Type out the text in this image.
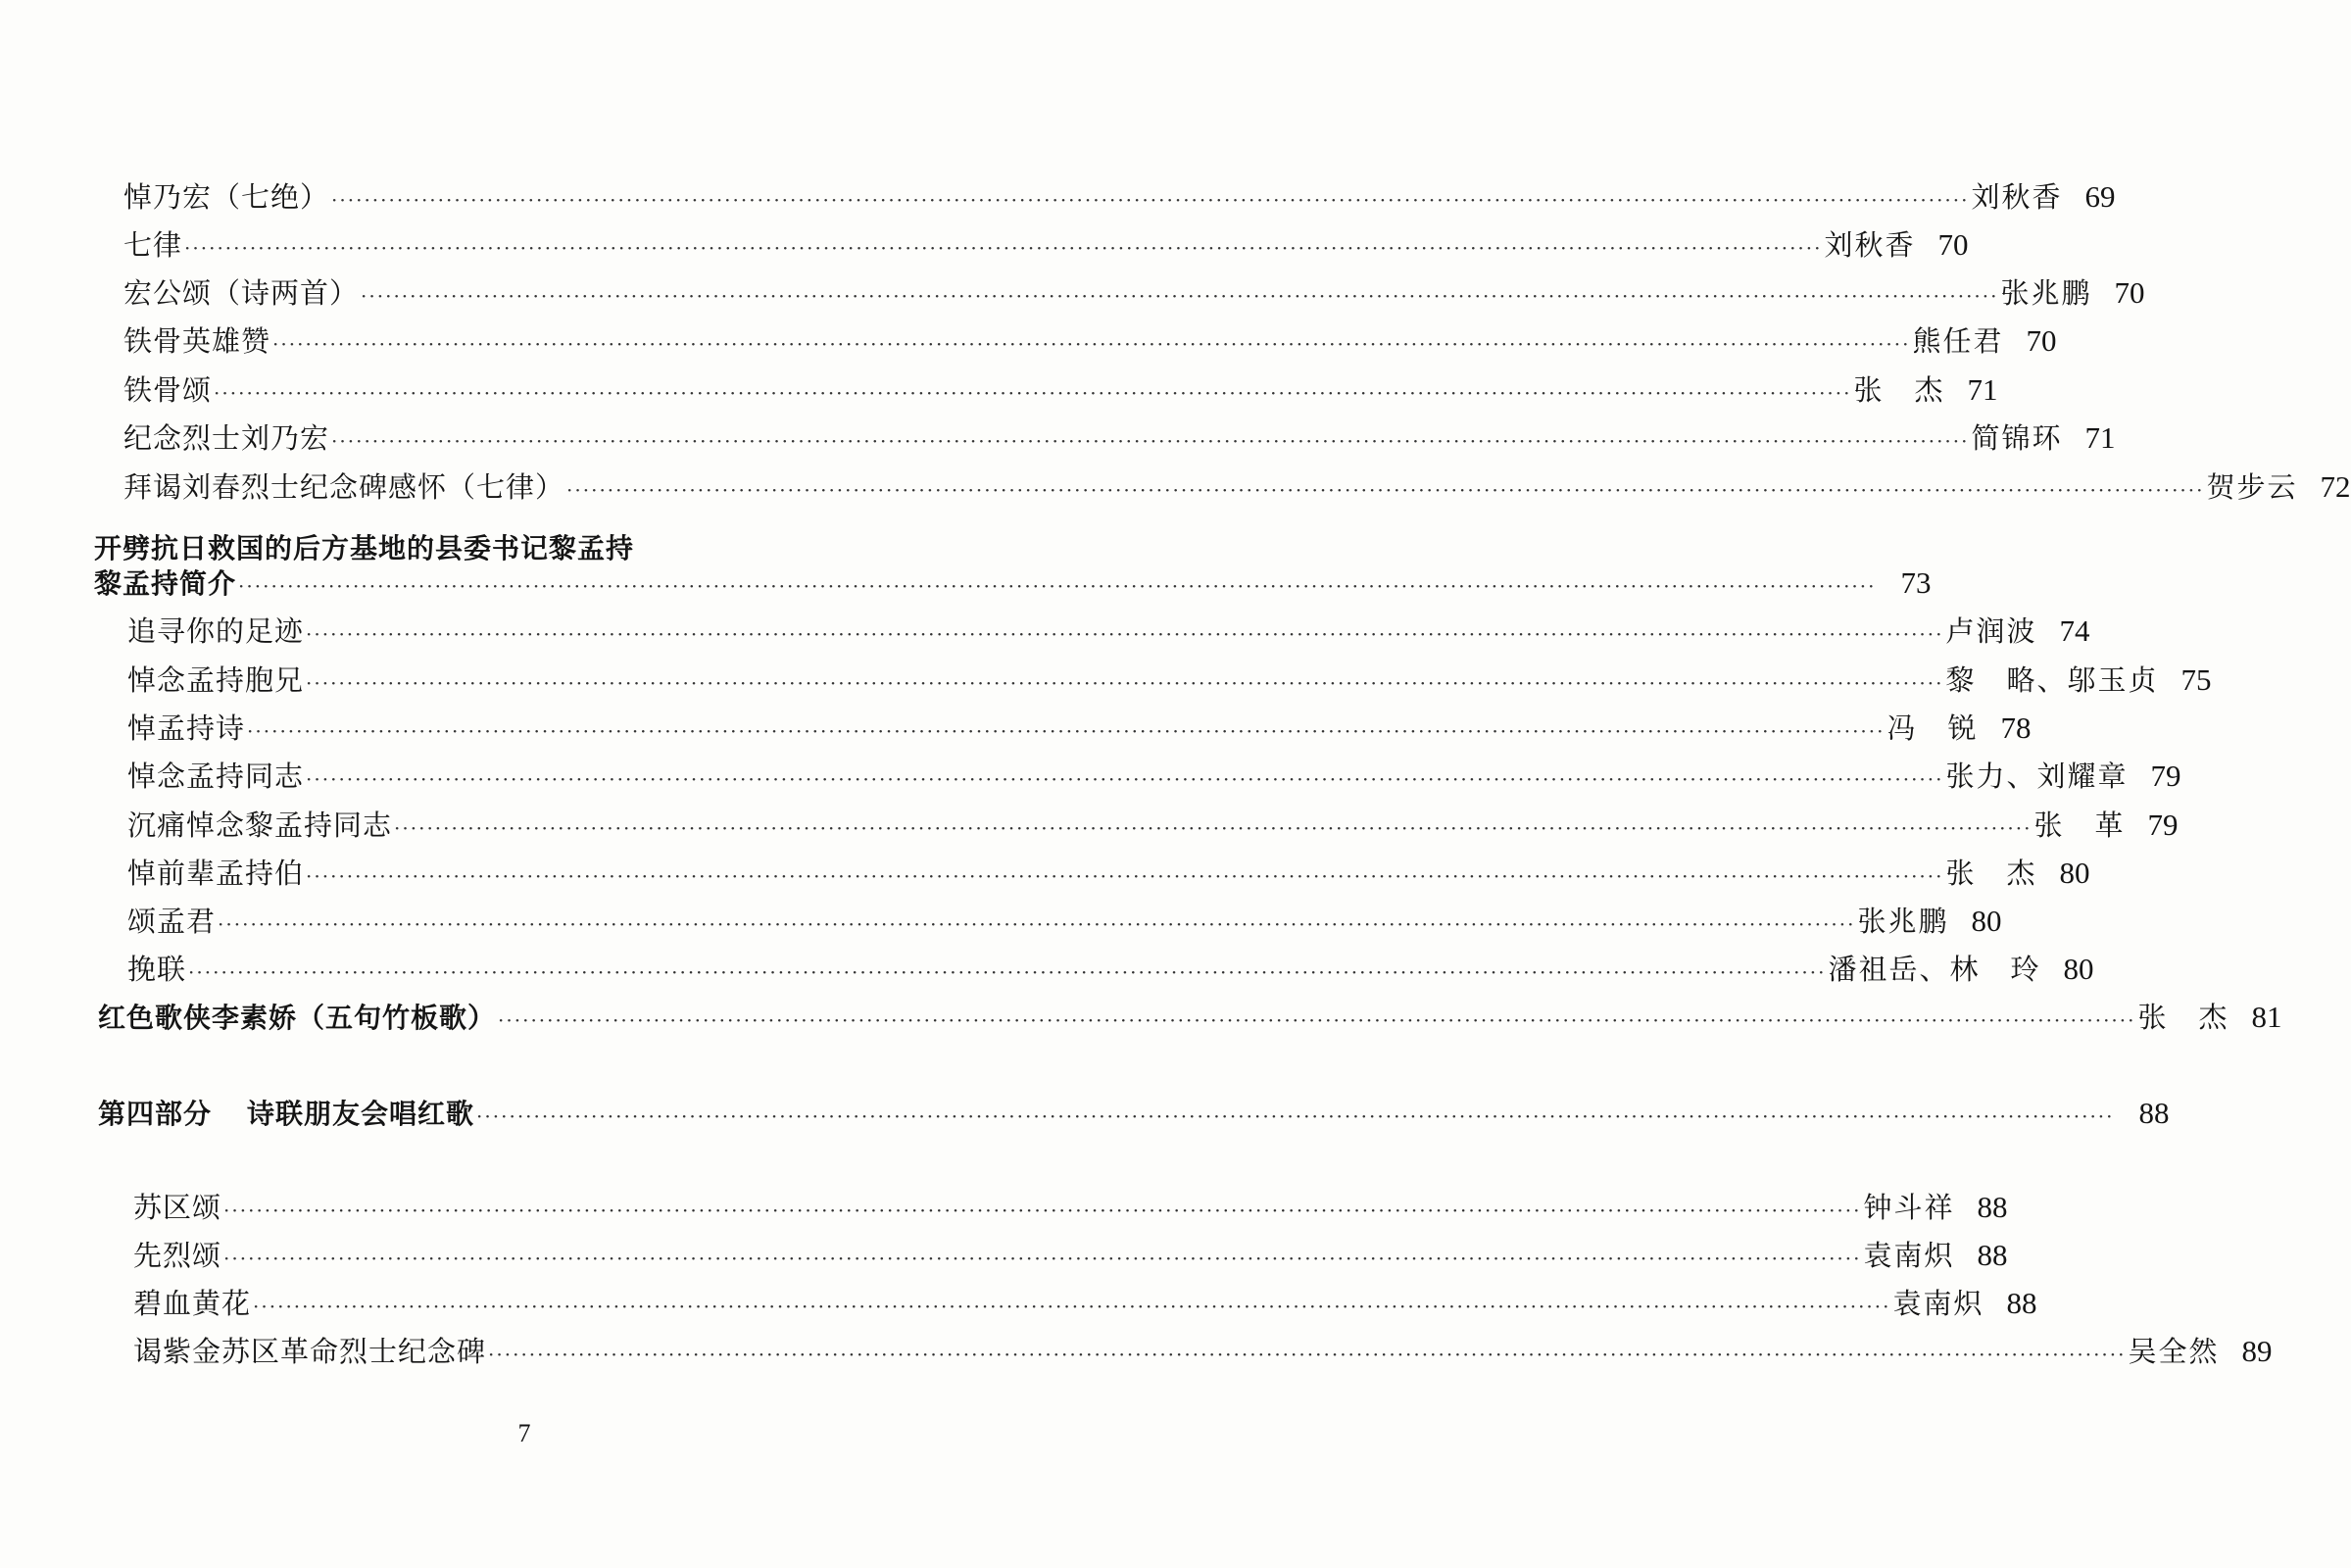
悼乃宏（七绝） ········································································································································································································ 刘秋香 69
七律 ········································································································································································································ 刘秋香 70
宏公颂（诗两首） ········································································································································································································ 张兆鹏 70
铁骨英雄赞 ········································································································································································································ 熊任君 70
铁骨颂 ········································································································································································································ 张　杰 71
纪念烈士刘乃宏 ········································································································································································································ 简锦环 71
拜谒刘春烈士纪念碑感怀（七律） ········································································································································································································ 贺步云 72
开劈抗日救国的后方基地的县委书记黎孟持
黎孟持简介 ········································································································································································································ 73
追寻你的足迹 ········································································································································································································ 卢润波 74
悼念孟持胞兄 ········································································································································································································ 黎　略、邬玉贞 75
悼孟持诗 ········································································································································································································ 冯　锐 78
悼念孟持同志 ········································································································································································································ 张力、刘耀章 79
沉痛悼念黎孟持同志 ········································································································································································································ 张　革 79
悼前辈孟持伯 ········································································································································································································ 张　杰 80
颂孟君 ········································································································································································································ 张兆鹏 80
挽联 ········································································································································································································ 潘祖岳、林　玲 80
红色歌侠李素娇（五句竹板歌） ········································································································································································································ 张　杰 81
第四部分 诗联朋友会唱红歌 ········································································································································································································ 88
苏区颂 ········································································································································································································ 钟斗祥 88
先烈颂 ········································································································································································································ 袁南炽 88
碧血黄花 ········································································································································································································ 袁南炽 88
谒紫金苏区革命烈士纪念碑 ········································································································································································································ 吴全然 89
7
